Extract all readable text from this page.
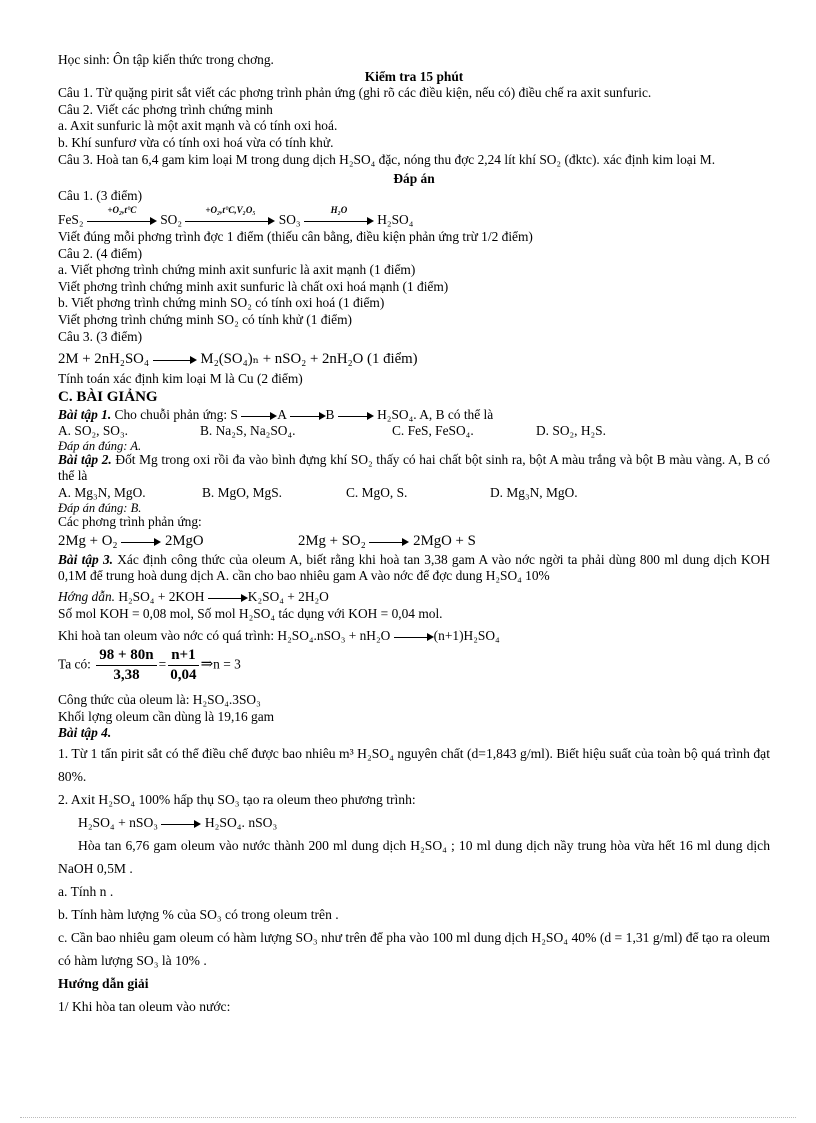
Học sinh: Ôn tập kiến thức trong chơng.
Kiểm tra 15 phút
Câu 1. Từ quặng pirit sắt viết các phơng trình phản ứng (ghi rõ các điều kiện, nếu có) điều chế ra axit sunfuric.
Câu 2. Viết các phơng trình chứng minh
a. Axit sunfuric là một axit mạnh và có tính oxi hoá.
b. Khí sunfurơ vừa có tính oxi hoá vừa có tính khử.
Câu 3. Hoà tan 6,4 gam kim loại M trong dung dịch H₂SO₄ đặc, nóng thu đợc 2,24 lít khí SO₂ (đktc). xác định kim loại M.
Đáp án
Câu 1. (3 điểm)
FeS₂
+O₂,t°C
SO₂
+O₂,t°C,V₂O₅
SO₃
H₂O
H₂SO₄
Viết đúng mỗi phơng trình đợc 1 điểm (thiếu cân bằng, điều kiện phản ứng trừ 1/2 điểm)
Câu 2. (4 điểm)
a. Viết phơng trình chứng minh axit sunfuric là axit mạnh (1 điểm)
Viết phơng trình chứng minh axit sunfuric là chất oxi hoá mạnh (1 điểm)
b. Viết phơng trình chứng minh SO₂ có tính oxi hoá (1 điểm)
Viết phơng trình chứng minh SO₂ có tính khử (1 điểm)
Câu 3. (3 điểm)
2M + 2nH₂SO₄	M₂(SO₄)ₙ + nSO₂ + 2nH₂O (1 điểm)
Tính toán xác định kim loại M là Cu (2 điểm)
C. BÀI GIẢNG
Bài tập 1. Cho chuỗi phản ứng: S	A	B	H₂SO₄. A, B có thể là
A. SO₂, SO₃.	B. Na₂S, Na₂SO₄.	C. FeS, FeSO₄.	D. SO₂, H₂S.
Đáp án đúng: A.
Bài tập 2. Đốt Mg trong oxi rồi đa vào bình đựng khí SO₂ thấy có hai chất bột sinh ra, bột A màu trắng và bột B màu vàng. A, B có thể là
A. Mg₃N, MgO.	B. MgO, MgS.	C. MgO, S.	D. Mg₃N, MgO.
Đáp án đúng: B.
Các phơng trình phản ứng:
2Mg + O₂	2MgO	2Mg + SO₂	2MgO + S
Bài tập 3. Xác định công thức của oleum A, biết rằng khi hoà tan 3,38 gam A vào nớc ngời ta phải dùng 800 ml dung dịch KOH 0,1M để trung hoà dung dịch A. cần cho bao nhiêu gam A vào nớc để đợc dung H₂SO₄ 10%
Hớng dẫn. H₂SO₄ + 2KOH	K₂SO₄ + 2H₂O
Số mol KOH = 0,08 mol, Số mol H₂SO₄ tác dụng với KOH = 0,04 mol.
Khi hoà tan oleum vào nớc có quá trình: H₂SO₄.nSO₃ + nH₂O	(n+1)H₂SO₄
Ta có: $\frac{98 + 80n}{3,38} = \frac{n+1}{0,04}$ ⇒n = 3
Công thức của oleum là: H₂SO₄.3SO₃
Khối lợng oleum cần dùng là 19,16 gam
Bài tập 4.
1. Từ 1 tấn pirit sắt có thể điều chế được bao nhiêu m³ H₂SO₄ nguyên chất (d=1,843 g/ml). Biết hiệu suất của toàn bộ quá trình đạt 80%.
2. Axit H₂SO₄ 100% hấp thụ SO₃ tạo ra oleum theo phương trình:
H₂SO₄ + nSO₃	H₂SO₄. nSO₃
Hòa tan 6,76 gam oleum vào nước thành 200 ml dung dịch H₂SO₄ ; 10 ml dung dịch nầy trung hòa vừa hết 16 ml dung dịch NaOH 0,5M .
a. Tính n .
b. Tính hàm lượng % của SO₃ có trong oleum trên .
c. Cần bao nhiêu gam oleum có hàm lượng SO₃ như trên để pha vào 100 ml dung dịch H₂SO₄ 40% (d = 1,31 g/ml) để tạo ra oleum có hàm lượng SO₃ là 10% .
Hướng dẫn giải
1/ Khi hòa tan oleum vào nước:
